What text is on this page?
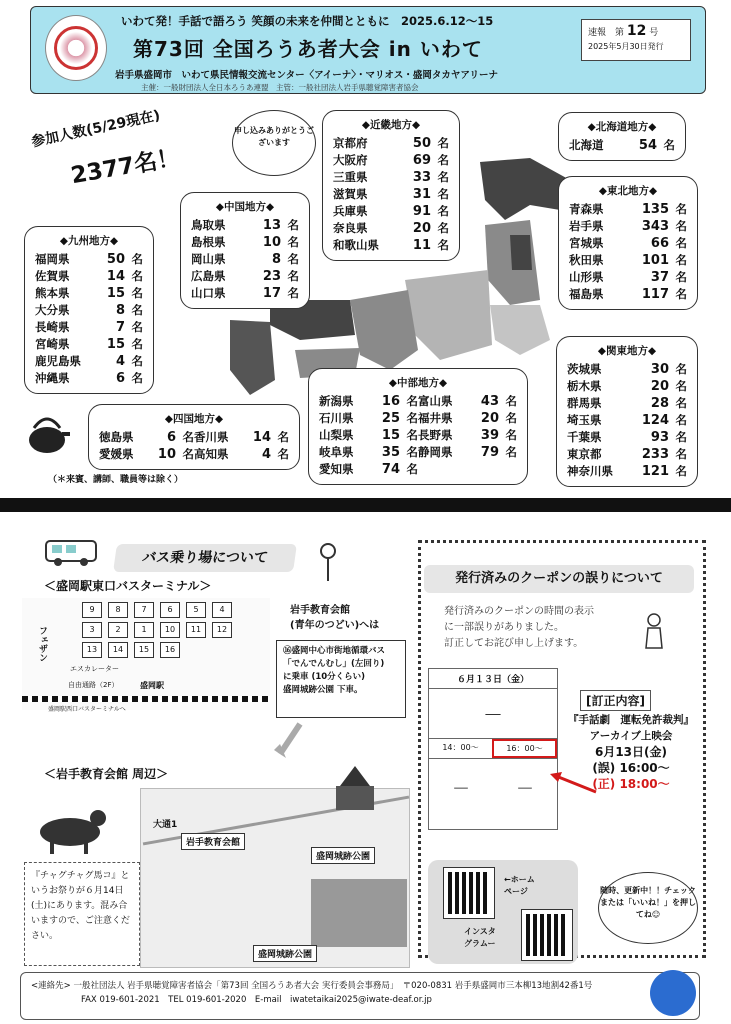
いわて発！手話で語ろう 笑顔の未来を仲間とともに　2025.6.12～15
第73回 全国ろうあ者大会 in いわて
岩手県盛岡市　いわて県民情報交流センター〈アイーナ〉・マリオス・盛岡タカヤアリーナ
主催：一般財団法人全日本ろうあ連盟　主管：一般社団法人岩手県聴覚障害者協会
速報　第 12 号
2025年5月30日発行
参加人数(5/29現在)
2377名！
申し込みありがとうございます
◆九州地方◆
福岡県	50 名
佐賀県	14 名
熊本県	15 名
大分県	8 名
長崎県	7 名
宮崎県	15 名
鹿児島県	4 名
沖縄県	6 名
◆中国地方◆
鳥取県	13 名
島根県	10 名
岡山県	8 名
広島県	23 名
山口県	17 名
◆近畿地方◆
京都府	50 名
大阪府	69 名
三重県	33 名
滋賀県	31 名
兵庫県	91 名
奈良県	20 名
和歌山県	11 名
◆北海道地方◆
北海道	54 名
◆東北地方◆
青森県	135 名
岩手県	343 名
宮城県	66 名
秋田県	101 名
山形県	37 名
福島県	117 名
◆関東地方◆
茨城県	30 名
栃木県	20 名
群馬県	28 名
埼玉県	124 名
千葉県	93 名
東京都	233 名
神奈川県	121 名
◆中部地方◆
新潟県	16 名 富山県	43 名
石川県	25 名 福井県	20 名
山梨県	15 名 長野県	39 名
岐阜県	35 名 静岡県	79 名
愛知県	74 名
◆四国地方◆
徳島県	6 名 香川県	14 名
愛媛県	10 名 高知県	4 名
（＊来賓、講師、職員等は除く）
バス乗り場について
＜盛岡駅東口バスターミナル＞
フェザン
9	8	7	6	5	4
3	2	1	10	11	12
13	14	15	16
エスカレーター
自由通路（2F）	盛岡駅
盛岡駅西口バスターミナルへ
岩手教育会館
(青年のつどい)へは
⑯盛岡中心市街地循環バス
「でんでんむし」(左回り)
に乗車 (10分くらい)
盛岡城跡公園 下車。
＜岩手教育会館 周辺＞
岩手教育会館
大通1
盛岡城跡公園
盛岡城跡公園
『チャグチャグ馬コ』というお祭りが６月14日(土)にあります。混み合いますので、ご注意ください。
発行済みのクーポンの誤りについて
発行済みのクーポンの時間の表示
に一部誤りがありました。
訂正してお詫び申し上げます。
６月１３日（金）
－
14：00～	16：00～
－	－
[訂正内容]
『手話劇　運転免許裁判』
アーカイブ上映会
6月13日(金)
(誤) 16:00～
(正) 18:00～
←ホーム
ページ
インスタ
グラムー
随時、更新中！！チェックまたは「いいね！」を押してね☺
<連絡先> 一般社団法人 岩手県聴覚障害者協会「第73回 全国ろうあ者大会 実行委員会事務局」　〒020-0831 岩手県盛岡市三本柳13地割42番1号
FAX 019-601-2021　TEL 019-601-2020　E-mail　iwatetaikai2025@iwate-deaf.or.jp
